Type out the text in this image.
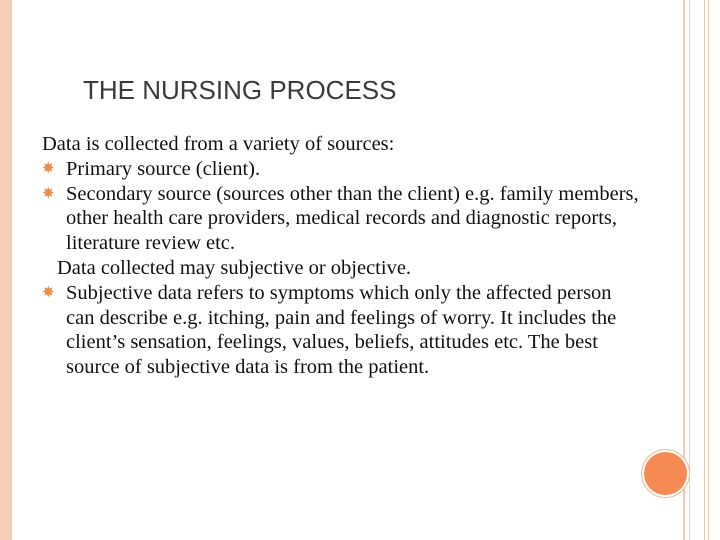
THE NURSING PROCESS
Data is collected from a variety of sources:
✸ Primary source (client).
✸ Secondary source (sources other than the client) e.g. family members, other health care providers, medical records and diagnostic reports, literature review etc.
Data collected may subjective or objective.
✸ Subjective data refers to symptoms which only the affected person can describe e.g. itching, pain and feelings of worry. It includes the client’s sensation, feelings, values, beliefs, attitudes etc. The best source of subjective data is from the patient.
